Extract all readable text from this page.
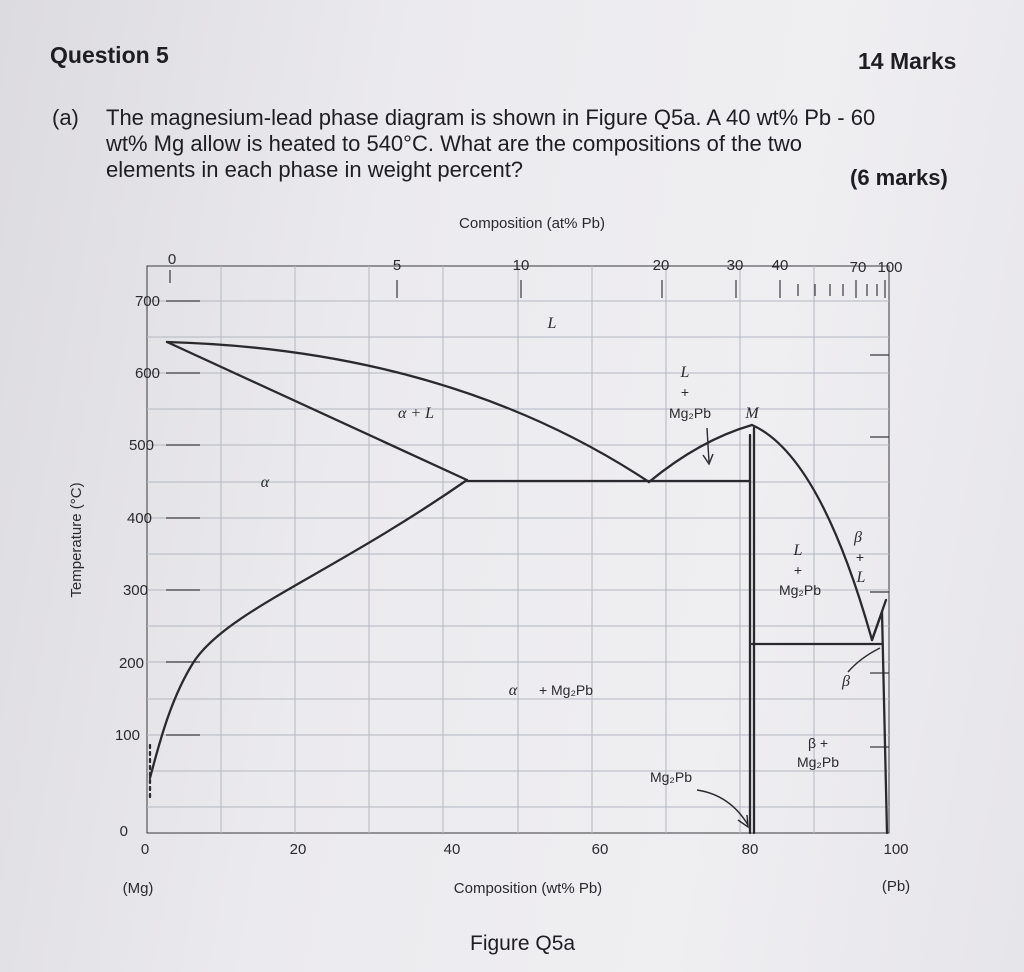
Question 5	14 Marks
(a) The magnesium-lead phase diagram is shown in Figure Q5a. A 40 wt% Pb - 60
wt% Mg allow is heated to 540°C. What are the compositions of the two
elements in each phase in weight percent?	(6 marks)
700
600
500
400
300
200
100
0
0	5	10	20	30 40	70 100
Composition (at% Pb)
0	20	40	60	80	100
(Mg)	Composition (wt% Pb)	(Pb)
Temperature (°C)
L
α + L
α
L
+
Mg₂Pb M
α + Mg₂Pb
L
+
Mg₂Pb
β
+
L
β
β +
Mg₂Pb
Mg₂Pb
Figure Q5a
